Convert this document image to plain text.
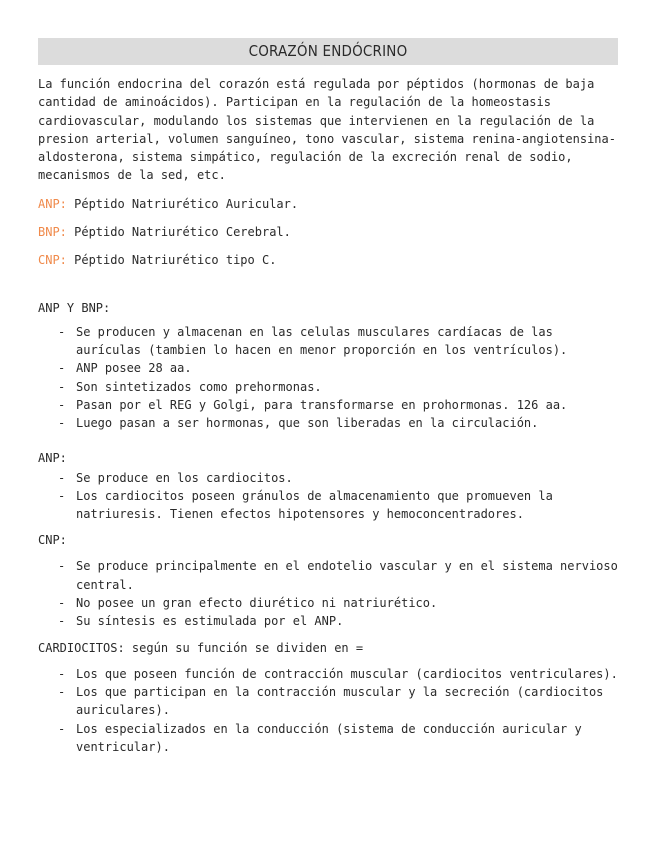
CORAZÓN ENDÓCRINO

La función endocrina del corazón está regulada por péptidos (hormonas de baja cantidad de aminoácidos). Participan en la regulación de la homeostasis cardiovascular, modulando los sistemas que intervienen en la regulación de la presion arterial, volumen sanguíneo, tono vascular, sistema renina-angiotensina-aldosterona, sistema simpático, regulación de la excreción renal de sodio, mecanismos de la sed, etc.

ANP: Péptido Natriurético Auricular.
BNP: Péptido Natriurético Cerebral.
CNP: Péptido Natriurético tipo C.
ANP Y BNP:
- Se producen y almacenan en las celulas musculares cardíacas de las aurículas (tambien lo hacen en menor proporción en los ventrículos).
- ANP posee 28 aa.
- Son sintetizados como prehormonas.
- Pasan por el REG y Golgi, para transformarse en prohormonas. 126 aa.
- Luego pasan a ser hormonas, que son liberadas en la circulación.
ANP:
- Se produce en los cardiocitos.
- Los cardiocitos poseen gránulos de almacenamiento que promueven la natriuresis. Tienen efectos hipotensores y hemoconcentradores.
CNP:
- Se produce principalmente en el endotelio vascular y en el sistema nervioso central.
- No posee un gran efecto diurético ni natriurético.
- Su síntesis es estimulada por el ANP.
CARDIOCITOS: según su función se dividen en =
- Los que poseen función de contracción muscular (cardiocitos ventriculares).
- Los que participan en la contracción muscular y la secreción (cardiocitos auriculares).
- Los especializados en la conducción (sistema de conducción auricular y ventricular).
